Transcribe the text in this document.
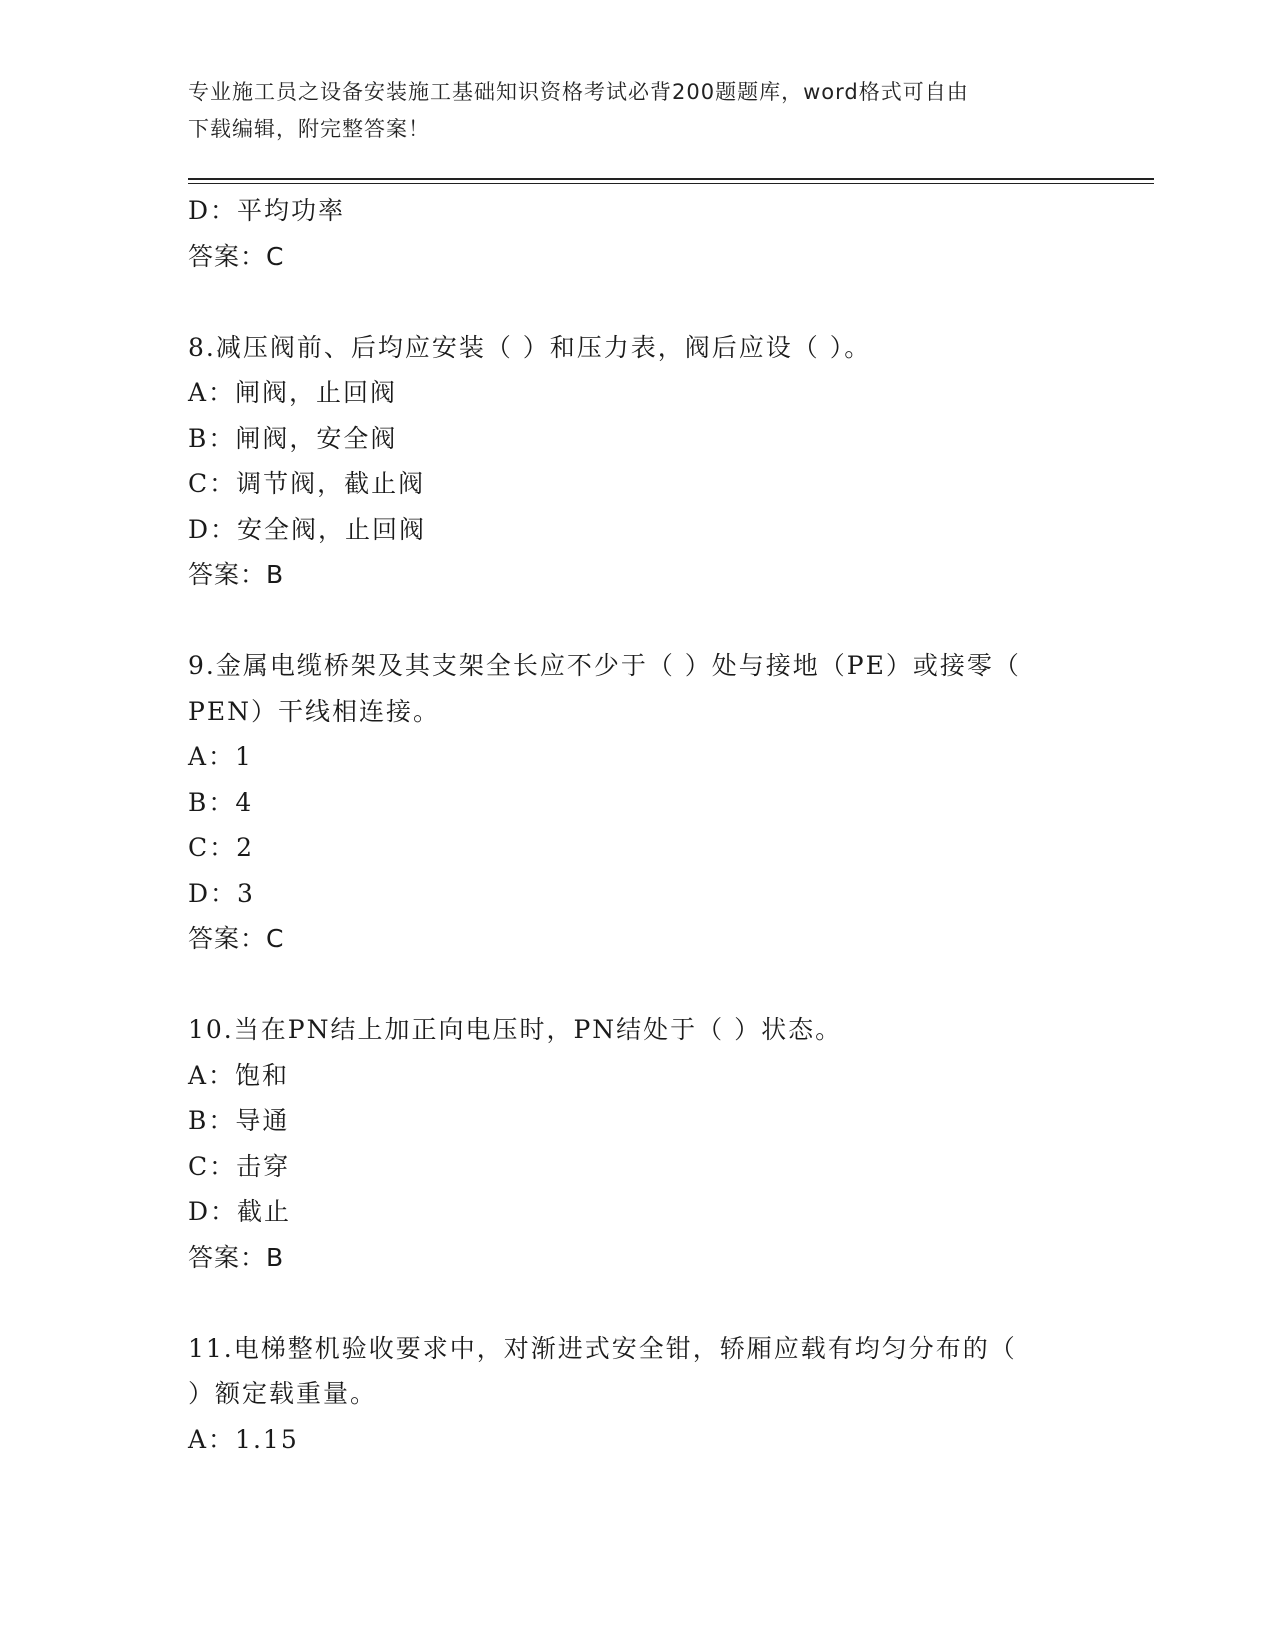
专业施工员之设备安装施工基础知识资格考试必背200题题库，word格式可自由
下载编辑，附完整答案！
D：平均功率
答案：C
8.减压阀前、后均应安装（ ）和压力表，阀后应设（ ）。
A：闸阀，止回阀
B：闸阀，安全阀
C：调节阀，截止阀
D：安全阀，止回阀
答案：B
9.金属电缆桥架及其支架全长应不少于（ ）处与接地（PE）或接零（
PEN）干线相连接。
A：1
B：4
C：2
D：3
答案：C
10.当在PN结上加正向电压时，PN结处于（ ）状态。
A：饱和
B：导通
C：击穿
D：截止
答案：B
11.电梯整机验收要求中，对渐进式安全钳，轿厢应载有均匀分布的（
）额定载重量。
A：1.15
